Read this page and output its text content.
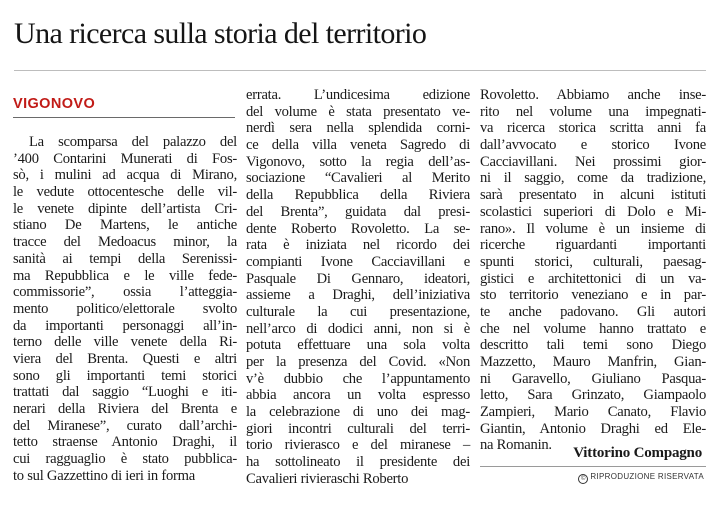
Una ricerca sulla storia del territorio
VIGONOVO
La scomparsa del palazzo del
’400 Contarini Munerati di Fos-
sò, i mulini ad acqua di Mirano,
le vedute ottocentesche delle vil-
le venete dipinte dell’artista Cri-
stiano De Martens, le antiche
tracce del Medoacus minor, la
sanità ai tempi della Serenissi-
ma Repubblica e le ville fede-
commissorie”, ossia l’atteggia-
mento politico/elettorale svolto
da importanti personaggi all’in-
terno delle ville venete della Ri-
viera del Brenta. Questi e altri
sono gli importanti temi storici
trattati dal saggio “Luoghi e iti-
nerari della Riviera del Brenta e
del Miranese”, curato dall’archi-
tetto straense Antonio Draghi, il
cui ragguaglio è stato pubblica-
to sul Gazzettino di ieri in forma
errata. L’undicesima edizione
del volume è stata presentato ve-
nerdì sera nella splendida corni-
ce della villa veneta Sagredo di
Vigonovo, sotto la regia dell’as-
sociazione “Cavalieri al Merito
della Repubblica della Riviera
del Brenta”, guidata dal presi-
dente Roberto Rovoletto. La se-
rata è iniziata nel ricordo dei
compianti Ivone Cacciavillani e
Pasquale Di Gennaro, ideatori,
assieme a Draghi, dell’iniziativa
culturale la cui presentazione,
nell’arco di dodici anni, non si è
potuta effettuare una sola volta
per la presenza del Covid. «Non
v’è dubbio che l’appuntamento
abbia ancora un volta espresso
la celebrazione di uno dei mag-
giori incontri culturali del terri-
torio rivierasco e del miranese –
ha sottolineato il presidente dei
Cavalieri rivieraschi Roberto
Rovoletto. Abbiamo anche inse-
rito nel volume una impegnati-
va ricerca storica scritta anni fa
dall’avvocato e storico Ivone
Cacciavillani. Nei prossimi gior-
ni il saggio, come da tradizione,
sarà presentato in alcuni istituti
scolastici superiori di Dolo e Mi-
rano». Il volume è un insieme di
ricerche riguardanti importanti
spunti storici, culturali, paesag-
gistici e architettonici di un va-
sto territorio veneziano e in par-
te anche padovano. Gli autori
che nel volume hanno trattato e
descritto tali temi sono Diego
Mazzetto, Mauro Manfrin, Gian-
ni Garavello, Giuliano Pasqua-
letto, Sara Grinzato, Giampaolo
Zampieri, Mario Canato, Flavio
Giantin, Antonio Draghi ed Ele-
na Romanin.	Vittorino Compagno
© RIPRODUZIONE RISERVATA
